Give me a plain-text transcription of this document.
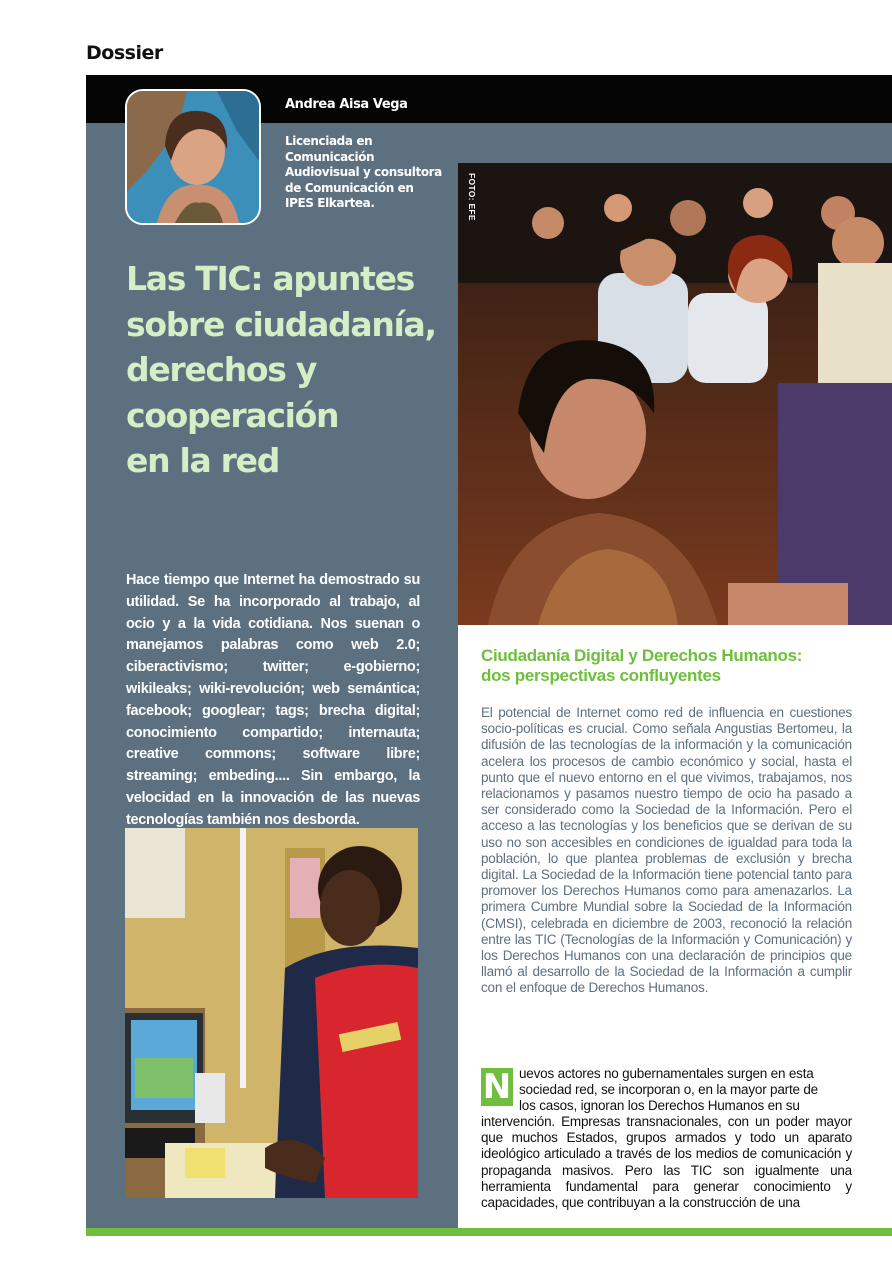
Dossier
Andrea Aisa Vega
Licenciada en Comunicación Audiovisual y consultora de Comunicación en IPES Elkartea.
Las TIC: apuntes
sobre ciudadanía,
derechos y
cooperación
en la red
Hace tiempo que Internet ha demostrado su utilidad. Se ha incorporado al trabajo, al ocio y a la vida cotidiana. Nos suenan o manejamos palabras como web 2.0; ciberactivismo; twitter; e-gobierno; wikileaks; wiki-revolución; web semántica; facebook; googlear; tags; brecha digital; conocimiento compartido; internauta; creative commons; software libre; streaming; embeding.... Sin embargo, la velocidad en la innovación de las nuevas tecnologías también nos desborda.
FOTO: EFE
Ciudadanía Digital y Derechos Humanos:
dos perspectivas confluyentes
El potencial de Internet como red de influencia en cuestiones socio-políticas es crucial. Como señala Angustias Bertomeu, la difusión de las tecnologías de la información y la comunicación acelera los procesos de cambio económico y social, hasta el punto que el nuevo entorno en el que vivimos, trabajamos, nos relacionamos y pasamos nuestro tiempo de ocio ha pasado a ser considerado como la Sociedad de la Información. Pero el acceso a las tecnologías y los beneficios que se derivan de su uso no son accesibles en condiciones de igualdad para toda la población, lo que plantea problemas de exclusión y brecha digital. La Sociedad de la Información tiene potencial tanto para promover los Derechos Humanos como para amenazarlos. La primera Cumbre Mundial sobre la Sociedad de la Información (CMSI), celebrada en diciembre de 2003, reconoció la relación entre las TIC (Tecnologías de la Información y Comunicación) y los Derechos Humanos con una declaración de principios que llamó al desarrollo de la Sociedad de la Información a cumplir con el enfoque de Derechos Humanos.
N uevos actores no gubernamentales surgen en esta
sociedad red, se incorporan o, en la mayor parte de
los casos, ignoran los Derechos Humanos en su

intervención. Empresas transnacionales, con un poder mayor que muchos Estados, grupos armados y todo un aparato ideológico articulado a través de los medios de comunicación y propaganda masivos. Pero las TIC son igualmente una herramienta fundamental para generar conocimiento y capacidades, que contribuyan a la construcción de una
